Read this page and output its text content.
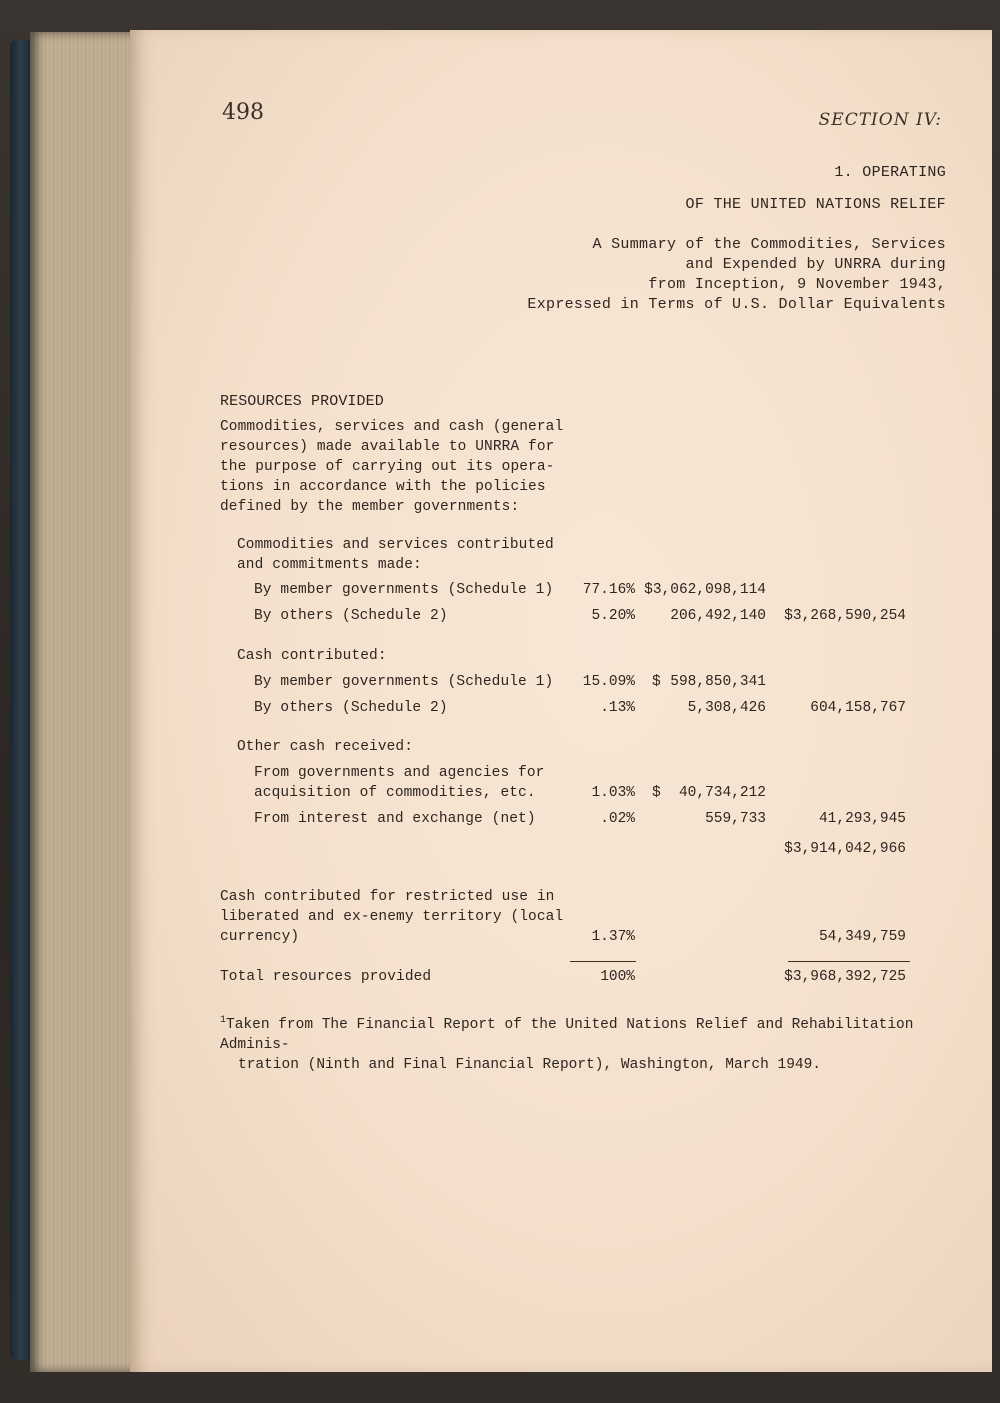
498	SECTION IV:
1. OPERATING
OF THE UNITED NATIONS RELIEF
A Summary of the Commodities, Services
and Expended by UNRRA during
from Inception, 9 November 1943,
Expressed in Terms of U.S. Dollar Equivalents
RESOURCES PROVIDED
Commodities, services and cash (general
resources) made available to UNRRA for
the purpose of carrying out its opera-
tions in accordance with the policies
defined by the member governments:
Commodities and services contributed
and commitments made:
By member governments (Schedule 1) 77.16% $3,062,098,114
By others (Schedule 2)	5.20% 206,492,140 $3,268,590,254
Cash contributed:
By member governments (Schedule 1) 15.09% $ 598,850,341
By others (Schedule 2)	.13%	5,308,426	604,158,767
Other cash received:
From governments and agencies for
acquisition of commodities, etc.	1.03% $ 40,734,212
From interest and exchange (net)	.02%	559,733	41,293,945
$3,914,042,966
Cash contributed for restricted use in
liberated and ex-enemy territory (local
currency)	1.37%	54,349,759
Total resources provided	100%	$3,968,392,725
$^1$Taken from The Financial Report of the United Nations Relief and Rehabilitation Adminis-
tration (Ninth and Final Financial Report), Washington, March 1949.
